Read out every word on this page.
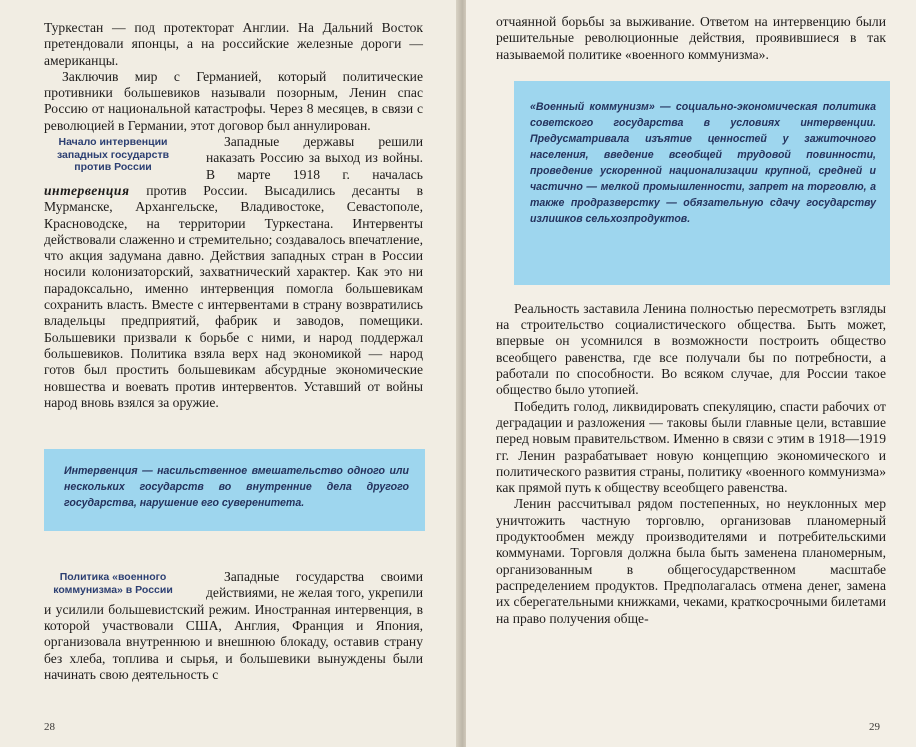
Туркестан — под протекторат Англии. На Дальний Восток претендовали японцы, а на российские железные дороги — американцы.

Заключив мир с Германией, который политические противники большевиков называли позорным, Ленин спас Россию от национальной катастрофы. Через 8 месяцев, в связи с революцией в Германии, этот договор был аннулирован.

Начало интервенции западных государств против России

Западные державы решили наказать Россию за выход из войны. В марте 1918 г. началась интервенция против России. Высадились десанты в Мурманске, Архангельске, Владивостоке, Севастополе, Красноводске, на территории Туркестана. Интервенты действовали слаженно и стремительно; создавалось впечатление, что акция задумана давно. Действия западных стран в России носили колонизаторский, захватнический характер. Как это ни парадоксально, именно интервенция помогла большевикам сохранить власть. Вместе с интервентами в страну возвратились владельцы предприятий, фабрик и заводов, помещики. Большевики призвали к борьбе с ними, и народ поддержал большевиков. Политика взяла верх над экономикой — народ готов был простить большевикам абсурдные экономические новшества и воевать против интервентов. Уставший от войны народ вновь взялся за оружие.

Интервенция — насильственное вмешательство одного или нескольких государств во внутренние дела другого государства, нарушение его суверенитета.
Политика «военного коммунизма» в России

Западные государства своими действиями, не желая того, укрепили и усилили большевистский режим. Иностранная интервенция, в которой участвовали США, Англия, Франция и Япония, организовала внутреннюю и внешнюю блокаду, оставив страну без хлеба, топлива и сырья, и большевики вынуждены были начинать свою деятельность с

28

отчаянной борьбы за выживание. Ответом на интервенцию были решительные революционные действия, проявившиеся в так называемой политике «военного коммунизма».

«Военный коммунизм» — социально-экономическая политика советского государства в условиях интервенции. Предусматривала изъятие ценностей у зажиточного населения, введение всеобщей трудовой повинности, проведение ускоренной национализации крупной, средней и частично — мелкой промышленности, запрет на торговлю, а также продразверстку — обязательную сдачу государству излишков сельхозпродуктов.

Реальность заставила Ленина полностью пересмотреть взгляды на строительство социалистического общества. Быть может, впервые он усомнился в возможности построить общество всеобщего равенства, где все получали бы по потребности, а работали по способности. Во всяком случае, для России такое общество было утопией.

Победить голод, ликвидировать спекуляцию, спасти рабочих от деградации и разложения — таковы были главные цели, вставшие перед новым правительством. Именно в связи с этим в 1918—1919 гг. Ленин разрабатывает новую концепцию экономического и политического развития страны, политику «военного коммунизма» как прямой путь к обществу всеобщего равенства.

Ленин рассчитывал рядом постепенных, но неуклонных мер уничтожить частную торговлю, организовав планомерный продуктообмен между производителями и потребительскими коммунами. Торговля должна была быть заменена планомерным, организованным в общегосударственном масштабе распределением продуктов. Предполагалась отмена денег, замена их сберегательными книжками, чеками, краткосрочными билетами на право получения обще-

29
